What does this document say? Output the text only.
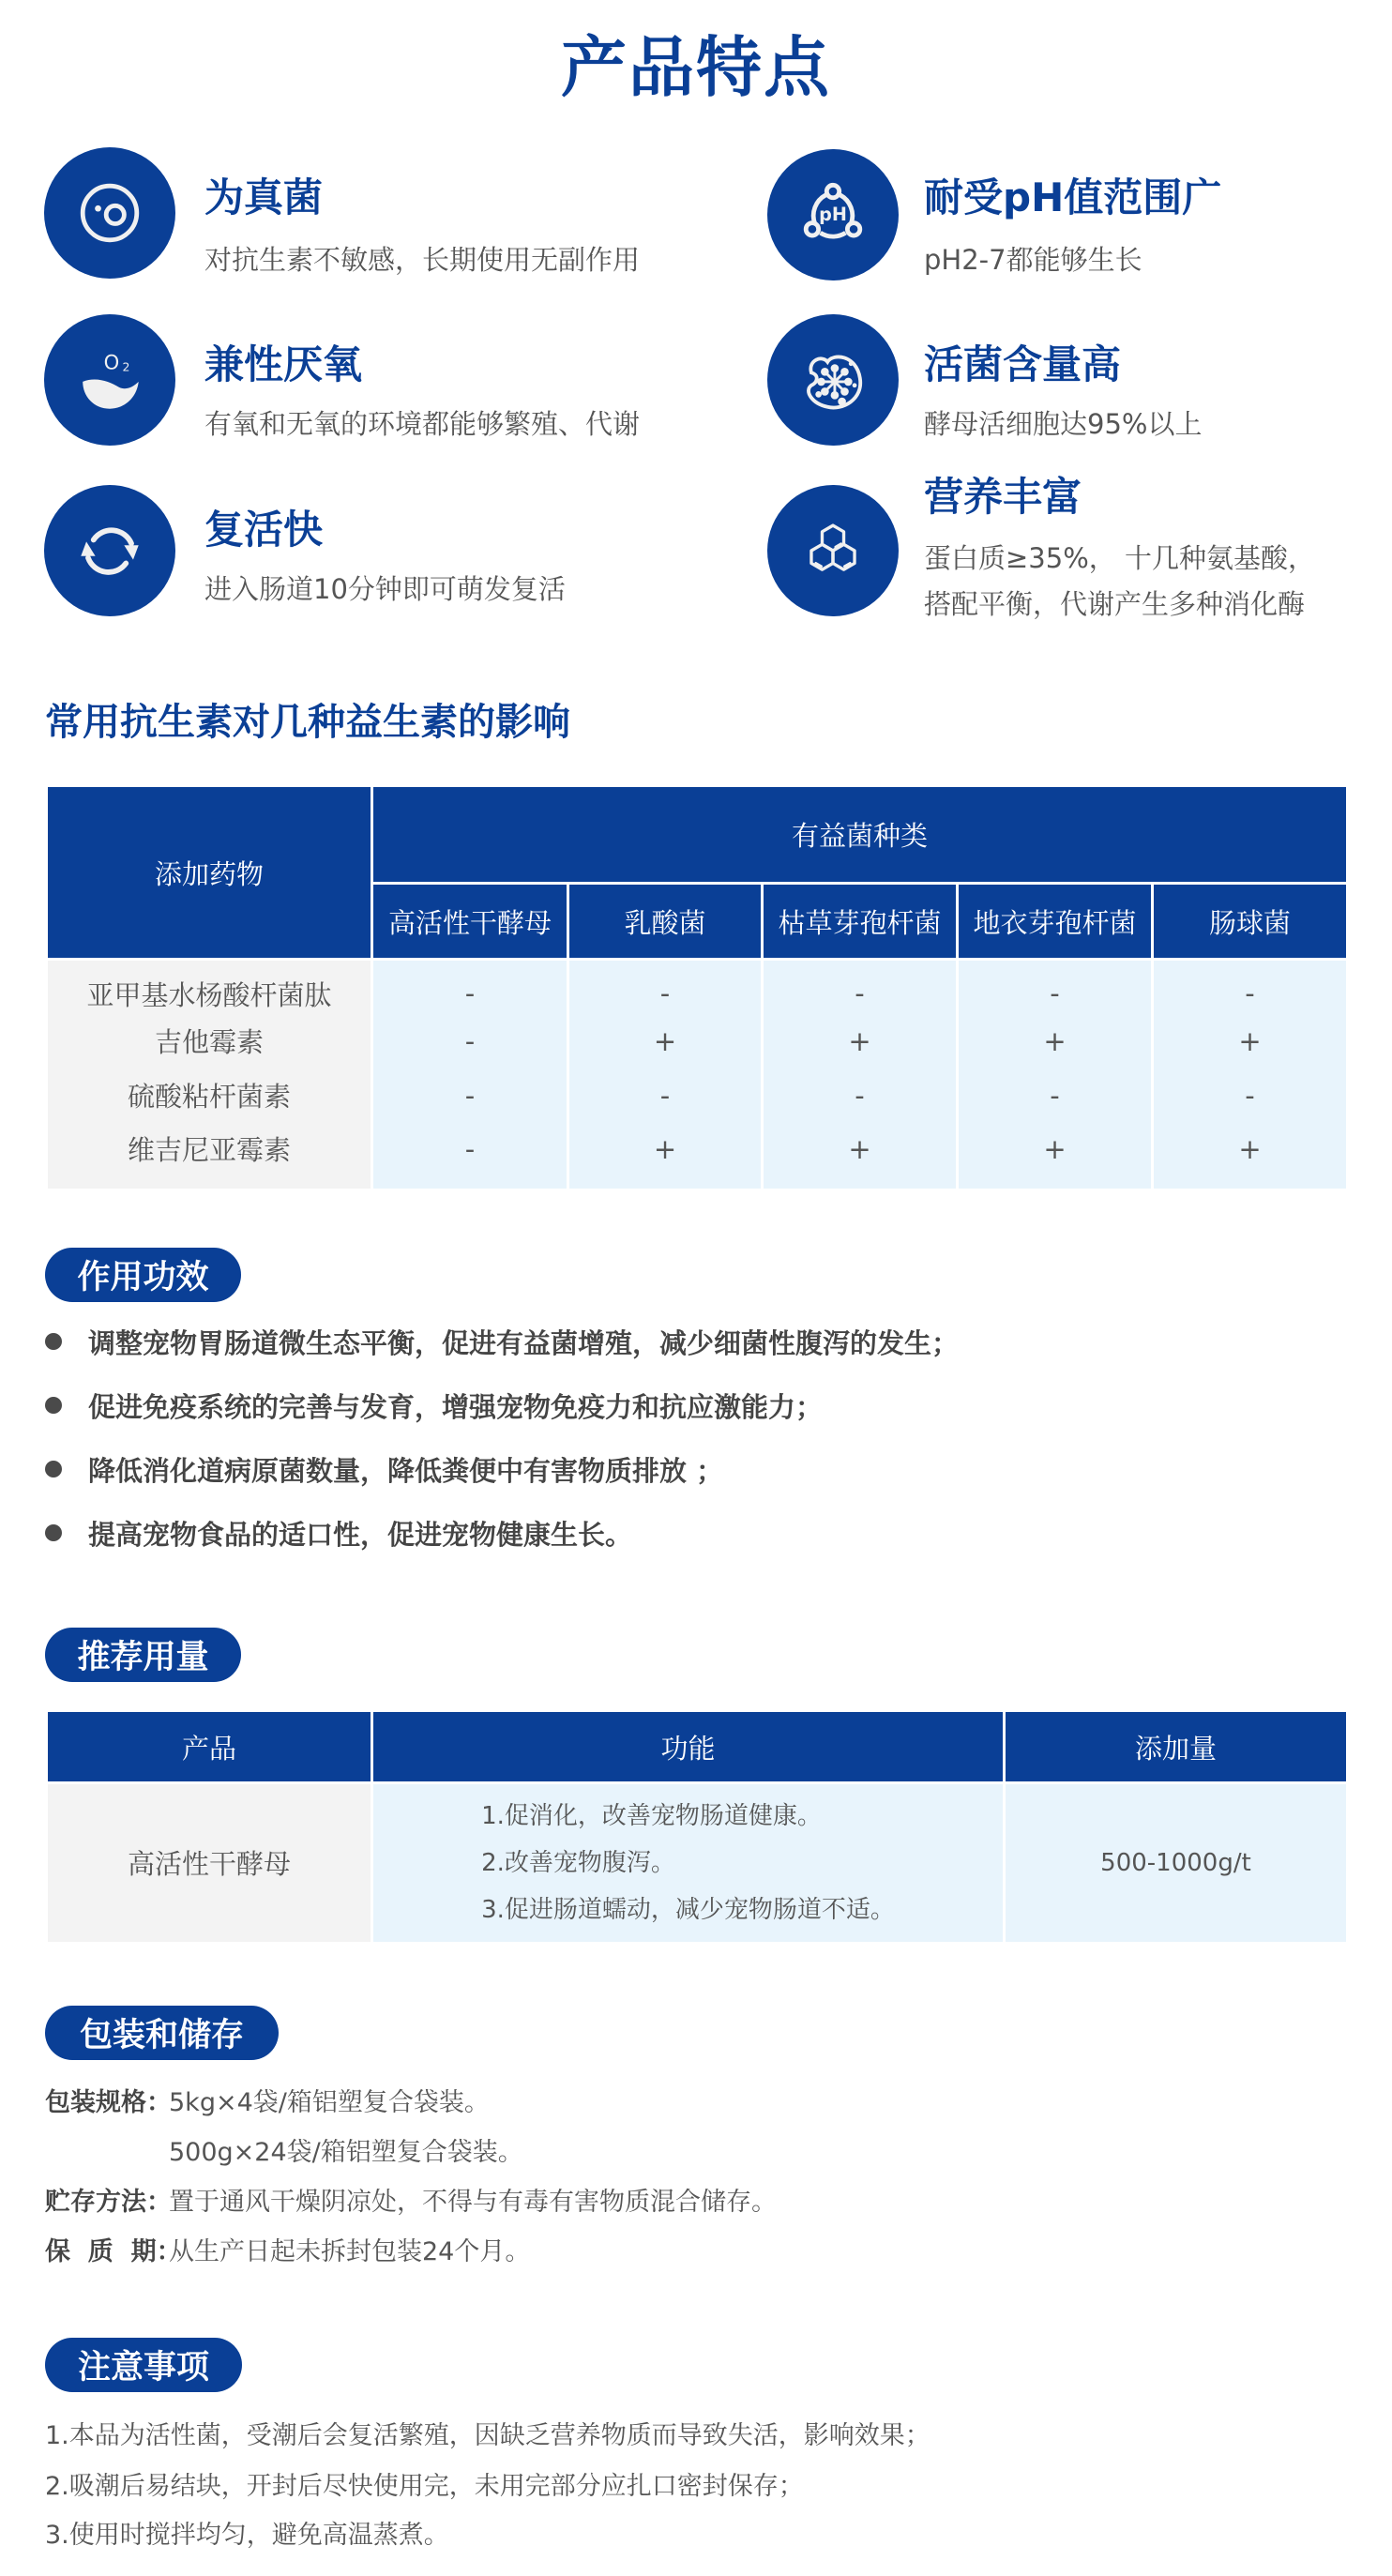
产品特点
为真菌
对抗生素不敏感，长期使用无副作用
pH 耐受pH值范围广
pH2-7都能够生长
O 2 兼性厌氧
有氧和无氧的环境都能够繁殖、代谢
活菌含量高
酵母活细胞达95%以上
复活快
进入肠道10分钟即可萌发复活
营养丰富
蛋白质≥35%， 十几种氨基酸，
搭配平衡，代谢产生多种消化酶
常用抗生素对几种益生素的影响
添加药物	有益菌种类				
	高活性干酵母	乳酸菌	枯草芽孢杆菌	地衣芽孢杆菌	肠球菌
亚甲基水杨酸杆菌肽	-	-	-	-	-
吉他霉素	-	+	+	+	+
硫酸粘杆菌素	-	-	-	-	-
维吉尼亚霉素	-	+	+	+	+
作用功效
调整宠物胃肠道微生态平衡，促进有益菌增殖，减少细菌性腹泻的发生；
促进免疫系统的完善与发育，增强宠物免疫力和抗应激能力；
降低消化道病原菌数量，降低粪便中有害物质排放 ；
提高宠物食品的适口性，促进宠物健康生长。
推荐用量
产品	功能	添加量
高活性干酵母	1.促消化，改善宠物肠道健康。
2.改善宠物腹泻。
3.促进肠道蠕动，减少宠物肠道不适。	500-1000g/t
包装和储存
包装规格：
5kg×4袋/箱铝塑复合袋装。
500g×24袋/箱铝塑复合袋装。
贮存方法：
置于通风干燥阴凉处，不得与有毒有害物质混合储存。
保  质  期：
从生产日起未拆封包装24个月。
注意事项
1.本品为活性菌，受潮后会复活繁殖，因缺乏营养物质而导致失活，影响效果；
2.吸潮后易结块，开封后尽快使用完，未用完部分应扎口密封保存；
3.使用时搅拌均匀，避免高温蒸煮。
